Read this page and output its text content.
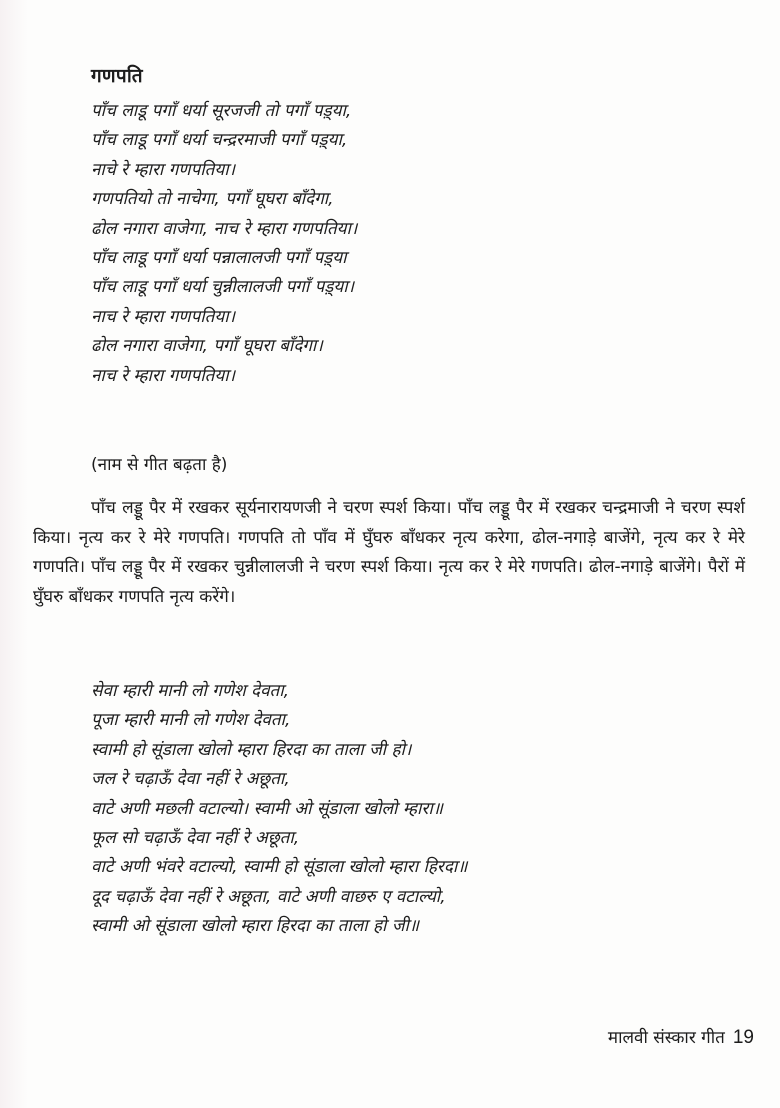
गणपति
पाँच लाडू पगाँ धर्या सूरजजी तो पगाँ पड़्या,
पाँच लाडू पगाँ धर्या चन्द्ररमाजी पगाँ पड़्या,
नाचे रे म्हारा गणपतिया।
गणपतियो तो नाचेगा, पगाँ घूघरा बाँदेगा,
ढोल नगारा वाजेगा, नाच रे म्हारा गणपतिया।
पाँच लाडू पगाँ धर्या पन्नालालजी पगाँ पड़्या
पाँच लाडू पगाँ धर्या चुन्नीलालजी पगाँ पड़्या।
नाच रे म्हारा गणपतिया।
ढोल नगारा वाजेगा, पगाँ घूघरा बाँदेगा।
नाच रे म्हारा गणपतिया।
(नाम से गीत बढ़ता है)

पाँच लड्डू पैर में रखकर सूर्यनारायणजी ने चरण स्पर्श किया। पाँच लड्डू पैर में रखकर चन्द्रमाजी ने चरण स्पर्श किया। नृत्य कर रे मेरे गणपति। गणपति तो पाँव में घुँघरु बाँधकर नृत्य करेगा, ढोल-नगाड़े बाजेंगे, नृत्य कर रे मेरे गणपति। पाँच लड्डू पैर में रखकर चुन्नीलालजी ने चरण स्पर्श किया। नृत्य कर रे मेरे गणपति। ढोल-नगाड़े बाजेंगे। पैरों में घुँघरु बाँधकर गणपति नृत्य करेंगे।

सेवा म्हारी मानी लो गणेश देवता,
पूजा म्हारी मानी लो गणेश देवता,
स्वामी हो सूंडाला खोलो म्हारा हिरदा का ताला जी हो।
जल रे चढ़ाऊँ देवा नहीं रे अछूता,
वाटे अणी मछली वटाल्यो। स्वामी ओ सूंडाला खोलो म्हारा॥
फूल सो चढ़ाऊँ देवा नहीं रे अछूता,
वाटे अणी भंवरे वटाल्यो, स्वामी हो सूंडाला खोलो म्हारा हिरदा॥
दूद चढ़ाऊँ देवा नहीं रे अछूता, वाटे अणी वाछरु ए वटाल्यो,
स्वामी ओ सूंडाला खोलो म्हारा हिरदा का ताला हो जी॥
मालवी संस्कार गीत 19
